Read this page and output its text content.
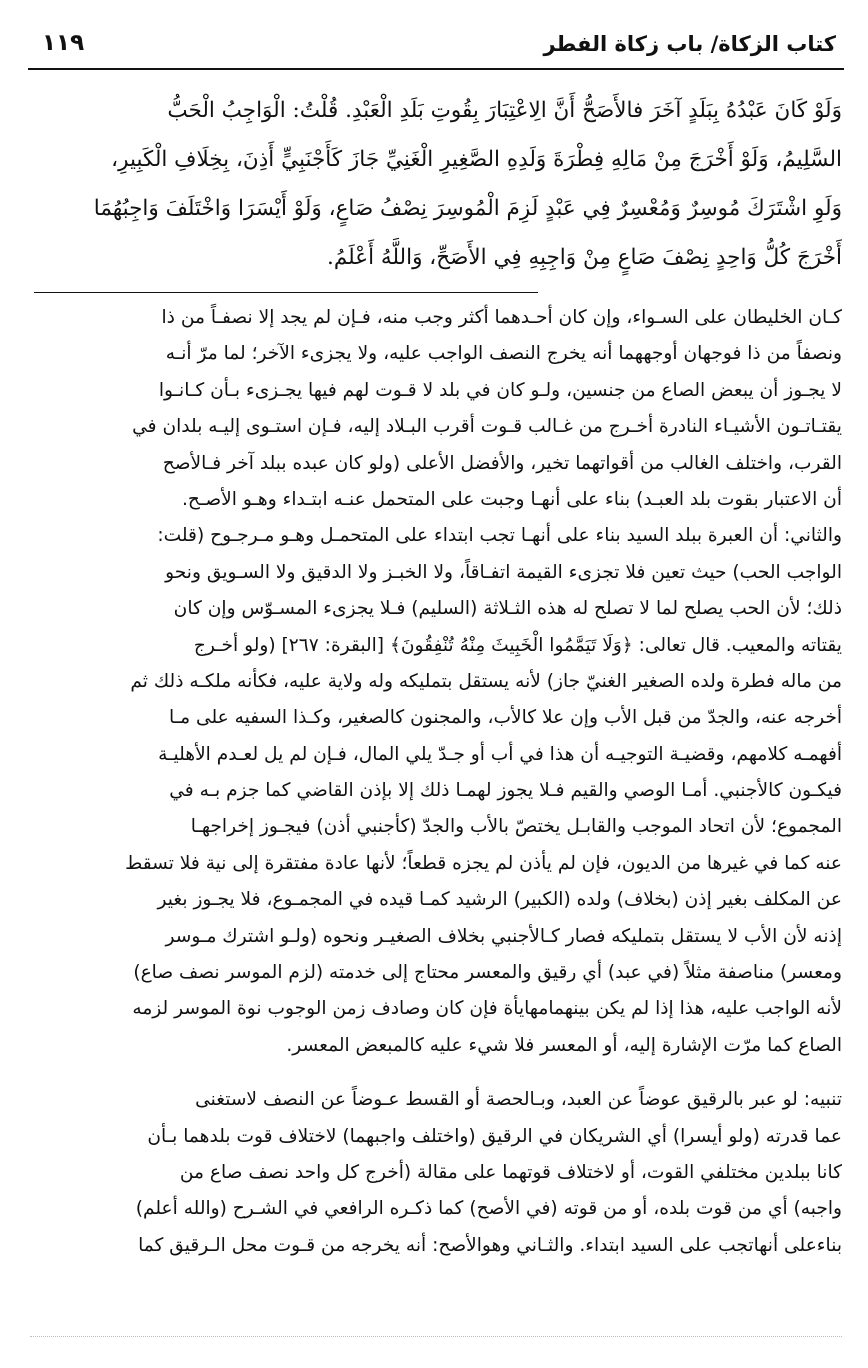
كتاب الزكاة/ باب زكاة الفطر
١١٩
وَلَوْ كَانَ عَبْدُهُ بِبَلَدٍ آخَرَ فالأَصَحُّ أَنَّ الِاعْتِبَارَ بِقُوتِ بَلَدِ الْعَبْدِ. قُلْتُ: الْوَاجِبُ الْحَبُّ
السَّلِيمُ، وَلَوْ أَخْرَجَ مِنْ مَالِهِ فِطْرَةَ وَلَدِهِ الصَّغِيرِ الْغَنِيِّ جَازَ كَأَجْنَبِيٍّ أَذِنَ، بِخِلَافِ الْكَبِيرِ،
وَلَوِ اشْتَرَكَ مُوسِرٌ وَمُعْسِرٌ فِي عَبْدٍ لَزِمَ الْمُوسِرَ نِصْفُ صَاعٍ، وَلَوْ أَيْسَرَا وَاخْتَلَفَ وَاجِبُهُمَا
أَخْرَجَ كُلُّ وَاحِدٍ نِصْفَ صَاعٍ مِنْ وَاجِبِهِ فِي الأَصَحِّ، وَاللَّهُ أَعْلَمُ.
كـان الخليطان على السـواء، وإن كان أحـدهما أكثر وجب منه، فـإن لم يجد إلا نصفـاً من ذا
ونصفاً من ذا فوجهان أوجههما أنه يخرج النصف الواجب عليه، ولا يجزىء الآخر؛ لما مرّ أنـه
لا يجـوز أن يبعض الصاع من جنسين، ولـو كان في بلد لا قـوت لهم فيها يجـزىء بـأن كـانـوا
يقتـاتـون الأشيـاء النادرة أخـرج من غـالب قـوت أقرب البـلاد إليه، فـإن استـوى إليـه بلدان في
القرب، واختلف الغالب من أقواتهما تخير، والأفضل الأعلى (ولو كان عبده ببلد آخر فـالأصح
أن الاعتبار بقوت بلد العبـد) بناء على أنهـا وجبت على المتحمل عنـه ابتـداء وهـو الأصـح.
والثاني: أن العبرة ببلد السيد بناء على أنهـا تجب ابتداء على المتحمـل وهـو مـرجـوح (قلت:
الواجب الحب) حيث تعين فلا تجزىء القيمة اتفـاقاً، ولا الخبـز ولا الدقيق ولا السـويق ونحو
ذلك؛ لأن الحب يصلح لما لا تصلح له هذه الثـلاثة (السليم) فـلا يجزىء المسـوّس وإن كان
يقتاته والمعيب. قال تعالى: ﴿وَلَا تَيَمَّمُوا الْخَبِيثَ مِنْهُ تُنْفِقُونَ﴾ [البقرة: ٢٦٧] (ولو أخـرج
من ماله فطرة ولده الصغير الغنيّ جاز) لأنه يستقل بتمليكه وله ولاية عليه، فكأنه ملكـه ذلك ثم
أخرجه عنه، والجدّ من قبل الأب وإن علا كالأب، والمجنون كالصغير، وكـذا السفيه على مـا
أفهمـه كلامهم، وقضيـة التوجيـه أن هذا في أب أو جـدّ يلي المال، فـإن لم يل لعـدم الأهليـة
فيكـون كالأجنبي. أمـا الوصي والقيم فـلا يجوز لهمـا ذلك إلا بإذن القاضي كما جزم بـه في
المجموع؛ لأن اتحاد الموجب والقابـل يختصّ بالأب والجدّ (كأجنبي أذن) فيجـوز إخراجهـا
عنه كما في غيرها من الديون، فإن لم يأذن لم يجزه قطعاً؛ لأنها عادة مفتقرة إلى نية فلا تسقط
عن المكلف بغير إذن (بخلاف) ولده (الكبير) الرشيد كمـا قيده في المجمـوع، فلا يجـوز بغير
إذنه لأن الأب لا يستقل بتمليكه فصار كـالأجنبي بخلاف الصغيـر ونحوه (ولـو اشترك مـوسر
ومعسر) مناصفة مثلاً (في عبد) أي رقيق والمعسر محتاج إلى خدمته (لزم الموسر نصف صاع)
لأنه الواجب عليه، هذا إذا لم يكن بينهمامهايأة فإن كان وصادف زمن الوجوب نوة الموسر لزمه
الصاع كما مرّت الإشارة إليه، أو المعسر فلا شيء عليه كالمبعض المعسر.
تنبيه: لو عبر بالرقيق عوضاً عن العبد، وبـالحصة أو القسط عـوضاً عن النصف لاستغنى
عما قدرته (ولو أيسرا) أي الشريكان في الرقيق (واختلف واجبهما) لاختلاف قوت بلدهما بـأن
كانا ببلدين مختلفي القوت، أو لاختلاف قوتهما على مقالة (أخرج كل واحد نصف صاع من
واجبه) أي من قوت بلده، أو من قوته (في الأصح) كما ذكـره الرافعي في الشـرح (والله أعلم)
بناءعلى أنهاتجب على السيد ابتداء. والثـاني وهوالأصح: أنه يخرجه من قـوت محل الـرقيق كما
